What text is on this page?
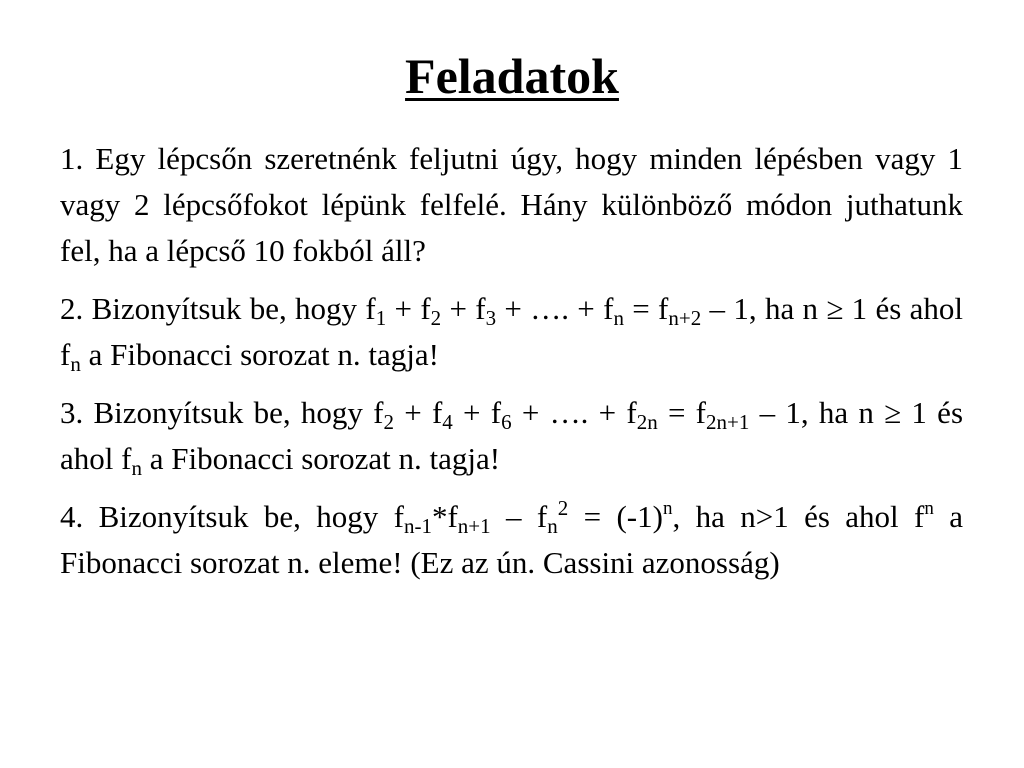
Feladatok

1. Egy lépcsőn szeretnénk feljutni úgy, hogy minden lépésben vagy 1 vagy 2 lépcsőfokot lépünk felfelé. Hány különböző módon juthatunk fel, ha a lépcső 10 fokból áll?

2. Bizonyítsuk be, hogy $f_1 + f_2 + f_3$ + …. + $f_n = f_{n+2} - 1$, ha n ≥ 1 és ahol $f_n$ a Fibonacci sorozat n. tagja!

3. Bizonyítsuk be, hogy $f_2 + f_4 + f_6$ + …. + $f_{2n} = f_{2n+1} - 1$, ha n ≥ 1 és ahol $f_n$ a Fibonacci sorozat n. tagja!

4. Bizonyítsuk be, hogy $f_{n-1}*f_{n+1} - f_n^2 = (-1)^n$, ha n>1 és ahol $f^n$ a Fibonacci sorozat n. eleme! (Ez az ún. Cassini azonosság)
